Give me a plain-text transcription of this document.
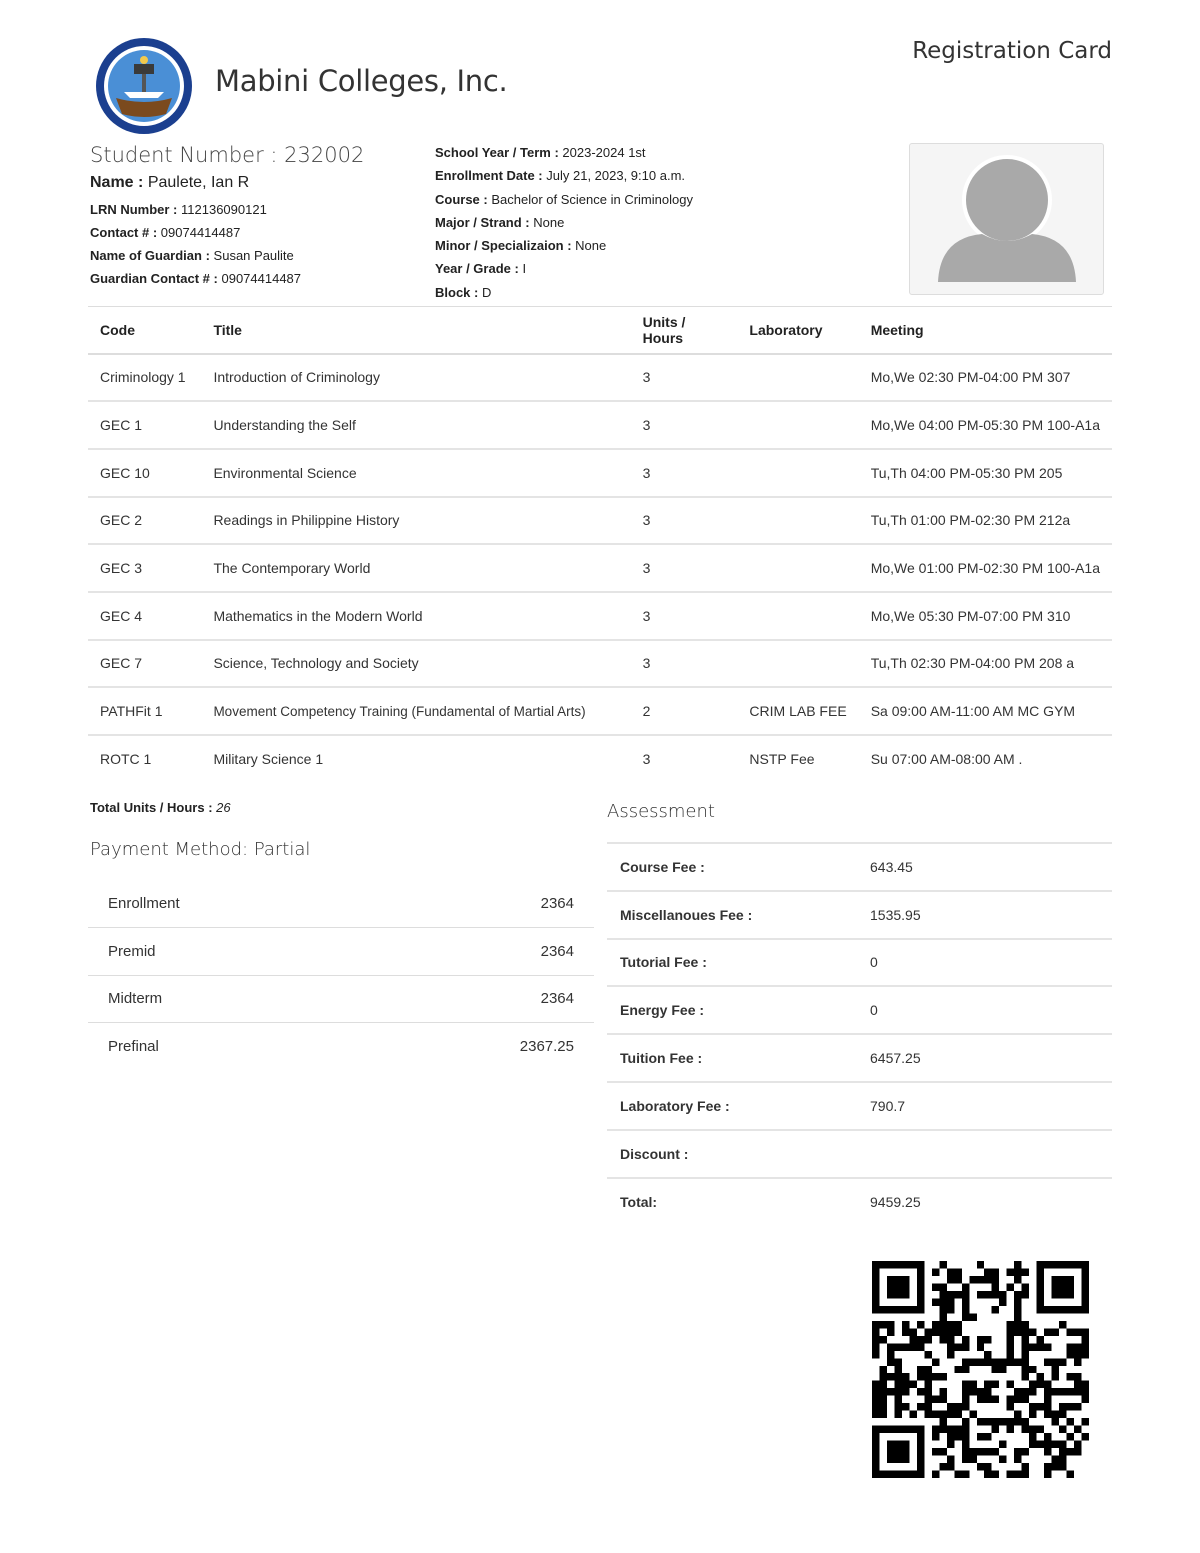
Mabini Colleges, Inc.
Registration Card
Student Number : 232002
Name : Paulete, Ian R
LRN Number : 112136090121
Contact # : 09074414487
Name of Guardian : Susan Paulite
Guardian Contact # : 09074414487
School Year / Term : 2023-2024 1st
Enrollment Date : July 21, 2023, 9:10 a.m.
Course : Bachelor of Science in Criminology
Major / Strand : None
Minor / Specializaion : None
Year / Grade : I
Block : D
Code	Title	Units / Hours	Laboratory	Meeting
Criminology 1	Introduction of Criminology	3		Mo,We 02:30 PM-04:00 PM 307
GEC 1	Understanding the Self	3		Mo,We 04:00 PM-05:30 PM 100-A1a
GEC 10	Environmental Science	3		Tu,Th 04:00 PM-05:30 PM 205
GEC 2	Readings in Philippine History	3		Tu,Th 01:00 PM-02:30 PM 212a
GEC 3	The Contemporary World	3		Mo,We 01:00 PM-02:30 PM 100-A1a
GEC 4	Mathematics in the Modern World	3		Mo,We 05:30 PM-07:00 PM 310
GEC 7	Science, Technology and Society	3		Tu,Th 02:30 PM-04:00 PM 208 a
PATHFit 1	Movement Competency Training (Fundamental of Martial Arts)	2	CRIM LAB FEE	Sa 09:00 AM-11:00 AM MC GYM
ROTC 1	Military Science 1	3	NSTP Fee	Su 07:00 AM-08:00 AM .
Total Units / Hours : 26
Payment Method: Partial
Enrollment	2364
Premid	2364
Midterm	2364
Prefinal	2367.25
Assessment
Course Fee :	643.45
Miscellanoues Fee :	1535.95
Tutorial Fee :	0
Energy Fee :	0
Tuition Fee :	6457.25
Laboratory Fee :	790.7
Discount :	
Total:	9459.25
